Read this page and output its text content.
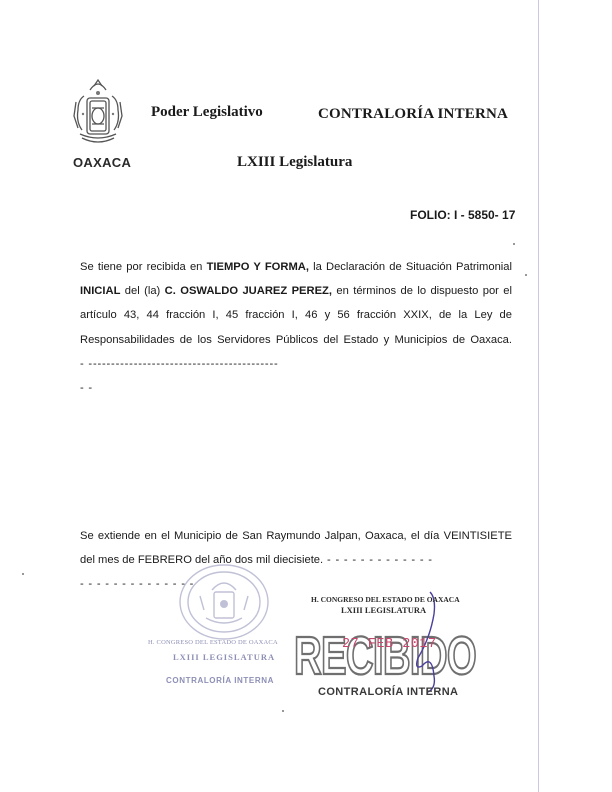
OAXACA
Poder Legislativo	CONTRALORÍA INTERNA
LXIII Legislatura
FOLIO: I - 5850- 17
Se tiene por recibida en TIEMPO Y FORMA, la Declaración de Situación Patrimonial INICIAL del (la) C. OSWALDO JUAREZ PEREZ, en términos de lo dispuesto por el artículo 43, 44 fracción I, 45 fracción I, 46 y 56 fracción XXIX, de la Ley de Responsabilidades de los Servidores Públicos del Estado y Municipios de Oaxaca. - ------------------------------------------
- -
Se extiende en el Municipio de San Raymundo Jalpan, Oaxaca, el día VEINTISIETE del mes de FEBRERO del año dos mil diecisiete. - - - - - - - - - - - - -
- - - - - - - - - - - - - -
H. CONGRESO DEL ESTADO DE OAXACA
LXIII LEGISLATURA
CONTRALORÍA INTERNA RECIBIDO
H. CONGRESO DEL ESTADO DE OAXACA
LXIII LEGISLATURA
27 FEB 2017
CONTRALORÍA INTERNA
